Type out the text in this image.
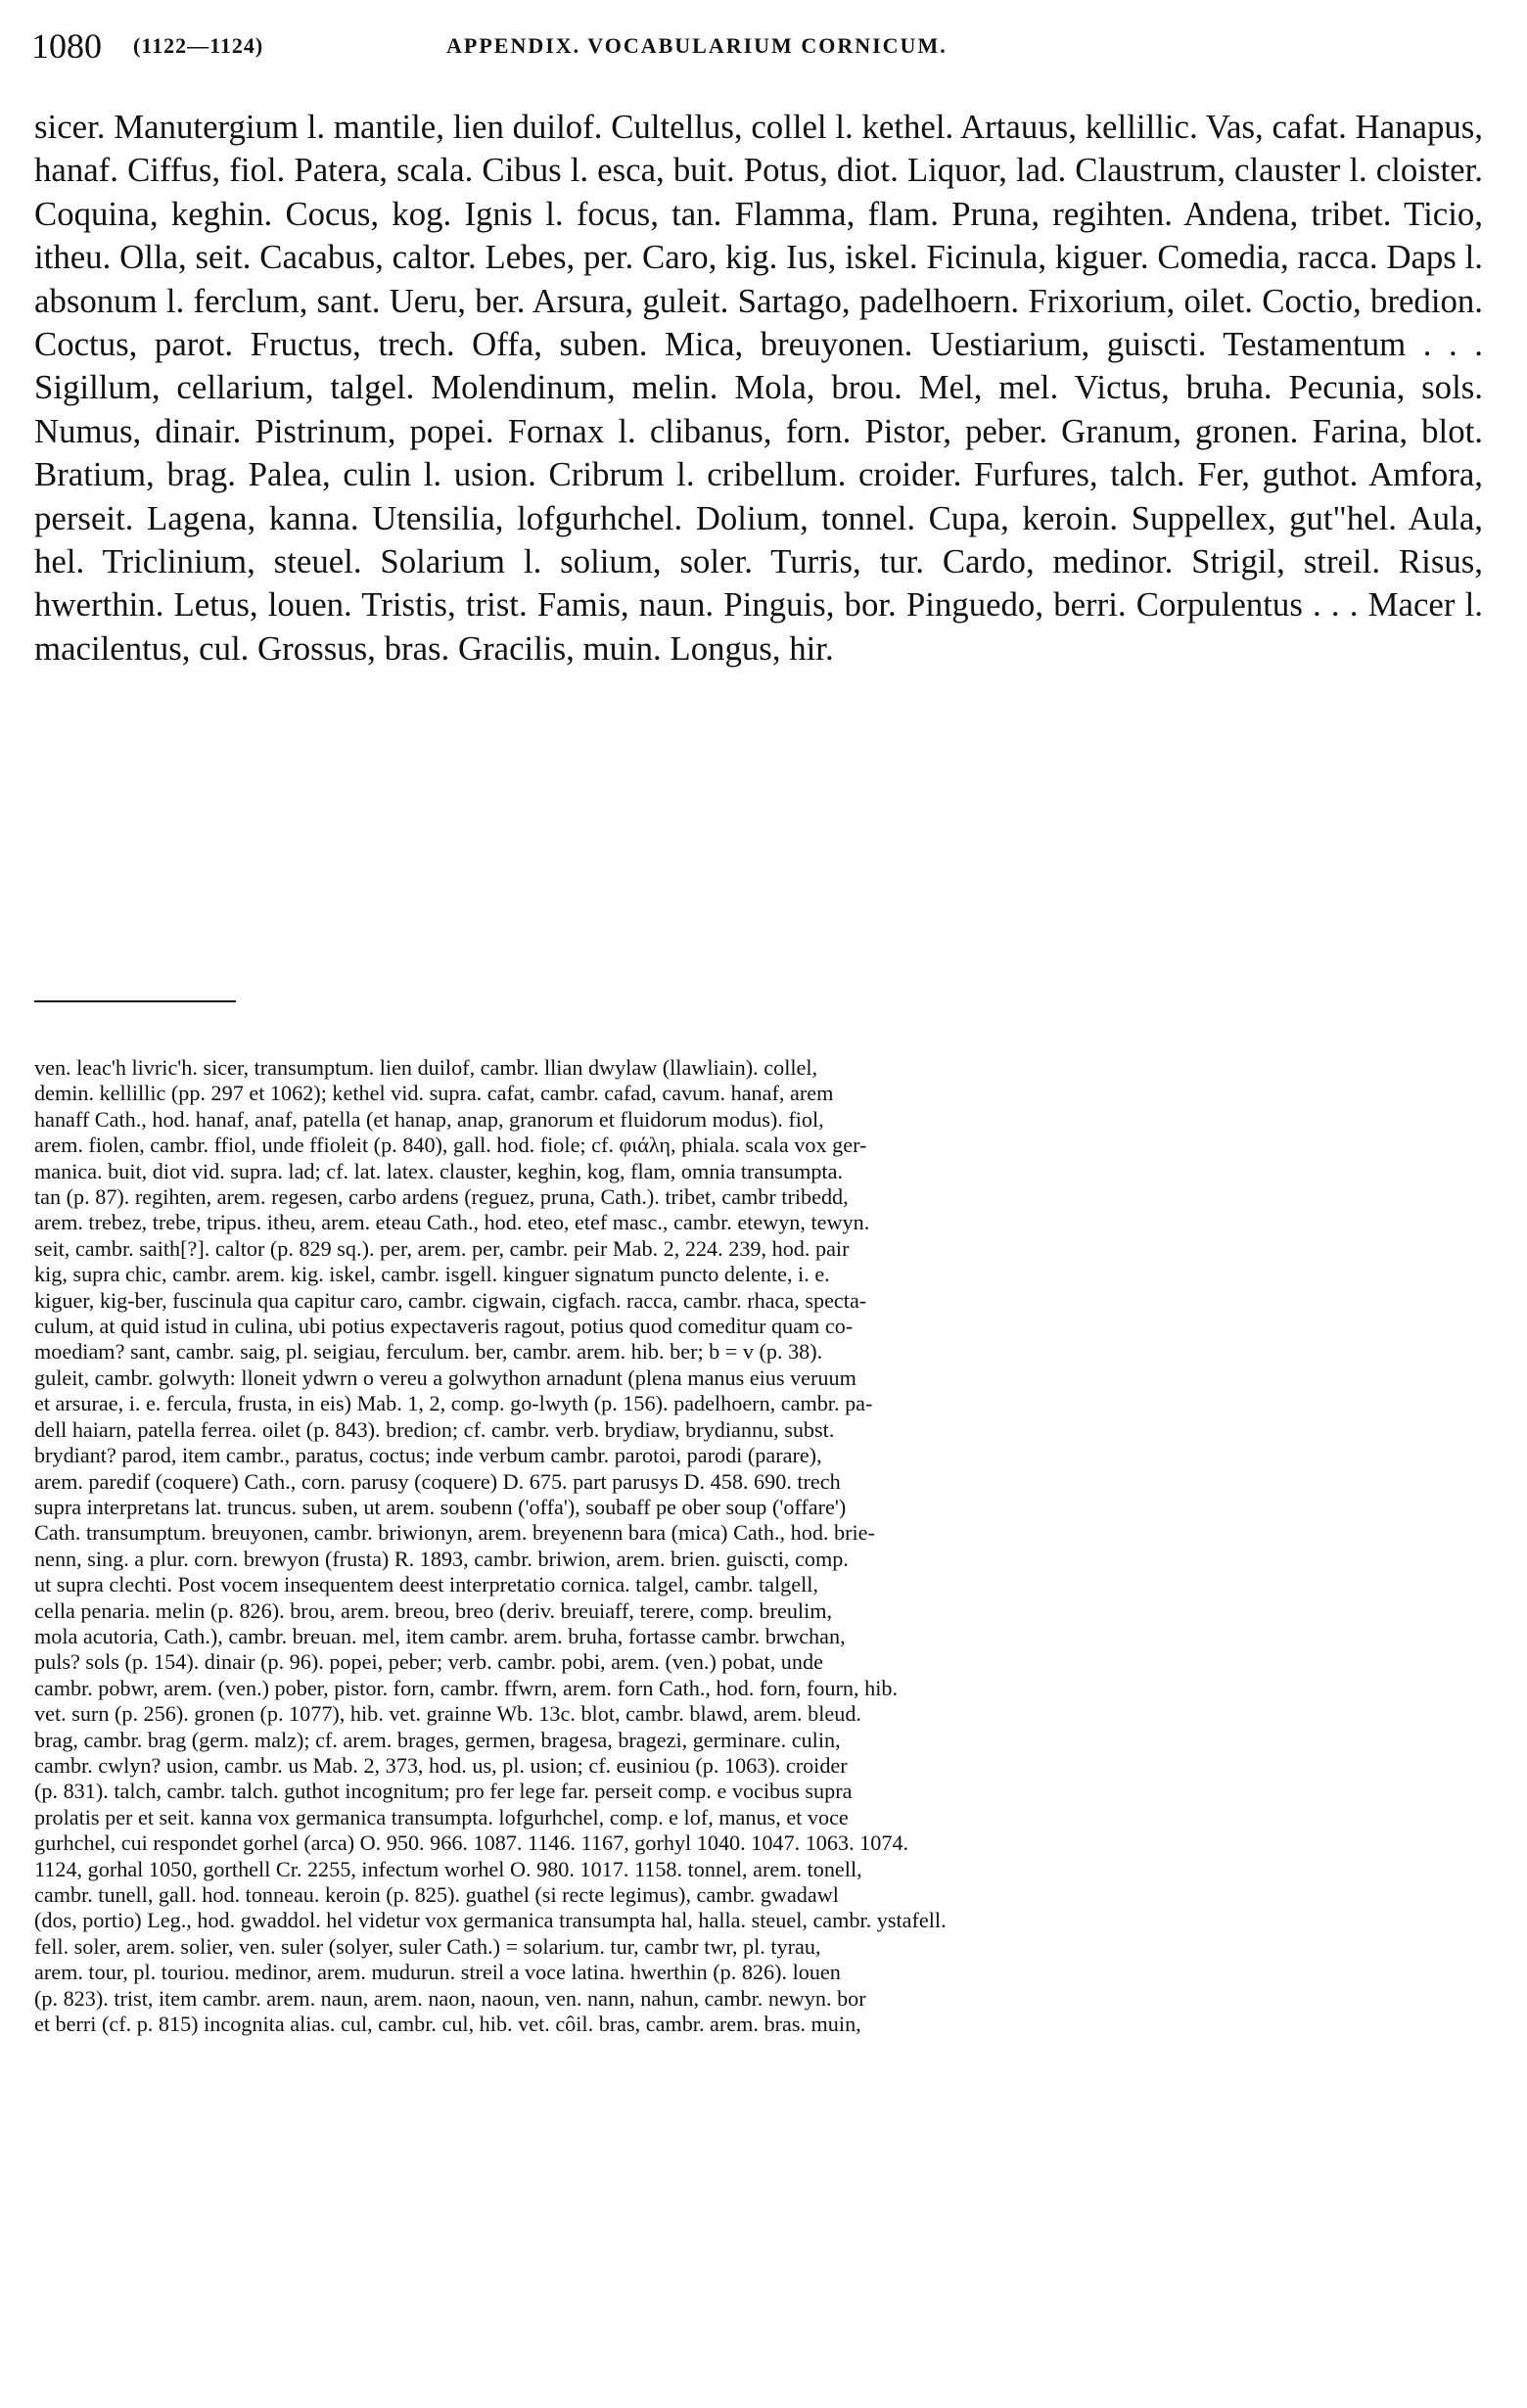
1080 (1122—1124)	APPENDIX. VOCABULARIUM CORNICUM.
sicer. Manutergium l. mantile, lien duilof. Cultellus, collel l. kethel. Artauus, kellillic. Vas, cafat. Hanapus, hanaf. Ciffus, fiol. Patera, scala. Cibus l. esca, buit. Potus, diot. Liquor, lad. Claustrum, clauster l. cloister. Coquina, keghin. Cocus, kog. Ignis l. focus, tan. Flamma, flam. Pruna, regihten. Andena, tribet. Ticio, itheu. Olla, seit. Cacabus, caltor. Lebes, per. Caro, kig. Ius, iskel. Ficinula, kiguer. Comedia, racca. Daps l. absonum l. ferclum, sant. Ueru, ber. Arsura, guleit. Sartago, padelhoern. Frixorium, oilet. Coctio, bredion. Coctus, parot. Fructus, trech. Offa, suben. Mica, breuyonen. Uestiarium, guiscti. Testamentum . . . Sigillum, cellarium, talgel. Molendinum, melin. Mola, brou. Mel, mel. Victus, bruha. Pecunia, sols. Numus, dinair. Pistrinum, popei. Fornax l. clibanus, forn. Pistor, peber. Granum, gronen. Farina, blot. Bratium, brag. Palea, culin l. usion. Cribrum l. cribellum. croider. Furfures, talch. Fer, guthot. Amfora, perseit. Lagena, kanna. Utensilia, lofgurhchel. Dolium, tonnel. Cupa, keroin. Suppellex, gut"hel. Aula, hel. Triclinium, steuel. Solarium l. solium, soler. Turris, tur. Cardo, medinor. Strigil, streil. Risus, hwerthin. Letus, louen. Tristis, trist. Famis, naun. Pinguis, bor. Pinguedo, berri. Corpulentus . . . Macer l. macilentus, cul. Grossus, bras. Gracilis, muin. Longus, hir.
ven. leac'h livric'h. sicer, transumptum. lien duilof, cambr. llian dwylaw (llawliain). collel,
demin. kellillic (pp. 297 et 1062); kethel vid. supra. cafat, cambr. cafad, cavum. hanaf, arem
hanaff Cath., hod. hanaf, anaf, patella (et hanap, anap, granorum et fluidorum modus). fiol,
arem. fiolen, cambr. ffiol, unde ffioleit (p. 840), gall. hod. fiole; cf. φιάλη, phiala. scala vox ger-
manica. buit, diot vid. supra. lad; cf. lat. latex. clauster, keghin, kog, flam, omnia transumpta.
tan (p. 87). regihten, arem. regesen, carbo ardens (reguez, pruna, Cath.). tribet, cambr tribedd,
arem. trebez, trebe, tripus. itheu, arem. eteau Cath., hod. eteo, etef masc., cambr. etewyn, tewyn.
seit, cambr. saith[?]. caltor (p. 829 sq.). per, arem. per, cambr. peir Mab. 2, 224. 239, hod. pair
kig, supra chic, cambr. arem. kig. iskel, cambr. isgell. kinguer signatum puncto delente, i. e.
kiguer, kig-ber, fuscinula qua capitur caro, cambr. cigwain, cigfach. racca, cambr. rhaca, specta-
culum, at quid istud in culina, ubi potius expectaveris ragout, potius quod comeditur quam co-
moediam? sant, cambr. saig, pl. seigiau, ferculum. ber, cambr. arem. hib. ber; b = v (p. 38).
guleit, cambr. golwyth: lloneit ydwrn o vereu a golwython arnadunt (plena manus eius veruum
et arsurae, i. e. fercula, frusta, in eis) Mab. 1, 2, comp. go-lwyth (p. 156). padelhoern, cambr. pa-
dell haiarn, patella ferrea. oilet (p. 843). bredion; cf. cambr. verb. brydiaw, brydiannu, subst.
brydiant? parod, item cambr., paratus, coctus; inde verbum cambr. parotoi, parodi (parare),
arem. paredif (coquere) Cath., corn. parusy (coquere) D. 675. part parusys D. 458. 690. trech
supra interpretans lat. truncus. suben, ut arem. soubenn ('offa'), soubaff pe ober soup ('offare')
Cath. transumptum. breuyonen, cambr. briwionyn, arem. breyenenn bara (mica) Cath., hod. brie-
nenn, sing. a plur. corn. brewyon (frusta) R. 1893, cambr. briwion, arem. brien. guiscti, comp.
ut supra clechti. Post vocem insequentem deest interpretatio cornica. talgel, cambr. talgell,
cella penaria. melin (p. 826). brou, arem. breou, breo (deriv. breuiaff, terere, comp. breulim,
mola acutoria, Cath.), cambr. breuan. mel, item cambr. arem. bruha, fortasse cambr. brwchan,
puls? sols (p. 154). dinair (p. 96). popei, peber; verb. cambr. pobi, arem. (ven.) pobat, unde
cambr. pobwr, arem. (ven.) pober, pistor. forn, cambr. ffwrn, arem. forn Cath., hod. forn, fourn, hib.
vet. surn (p. 256). gronen (p. 1077), hib. vet. grainne Wb. 13c. blot, cambr. blawd, arem. bleud.
brag, cambr. brag (germ. malz); cf. arem. brages, germen, bragesa, bragezi, germinare. culin,
cambr. cwlyn? usion, cambr. us Mab. 2, 373, hod. us, pl. usion; cf. eusiniou (p. 1063). croider
(p. 831). talch, cambr. talch. guthot incognitum; pro fer lege far. perseit comp. e vocibus supra
prolatis per et seit. kanna vox germanica transumpta. lofgurhchel, comp. e lof, manus, et voce
gurhchel, cui respondet gorhel (arca) O. 950. 966. 1087. 1146. 1167, gorhyl 1040. 1047. 1063. 1074.
1124, gorhal 1050, gorthell Cr. 2255, infectum worhel O. 980. 1017. 1158. tonnel, arem. tonell,
cambr. tunell, gall. hod. tonneau. keroin (p. 825). guathel (si recte legimus), cambr. gwadawl
(dos, portio) Leg., hod. gwaddol. hel videtur vox germanica transumpta hal, halla. steuel, cambr. ystafell.
fell. soler, arem. solier, ven. suler (solyer, suler Cath.) = solarium. tur, cambr twr, pl. tyrau,
arem. tour, pl. touriou. medinor, arem. mudurun. streil a voce latina. hwerthin (p. 826). louen
(p. 823). trist, item cambr. arem. naun, arem. naon, naoun, ven. nann, nahun, cambr. newyn. bor
et berri (cf. p. 815) incognita alias. cul, cambr. cul, hib. vet. côil. bras, cambr. arem. bras. muin,
